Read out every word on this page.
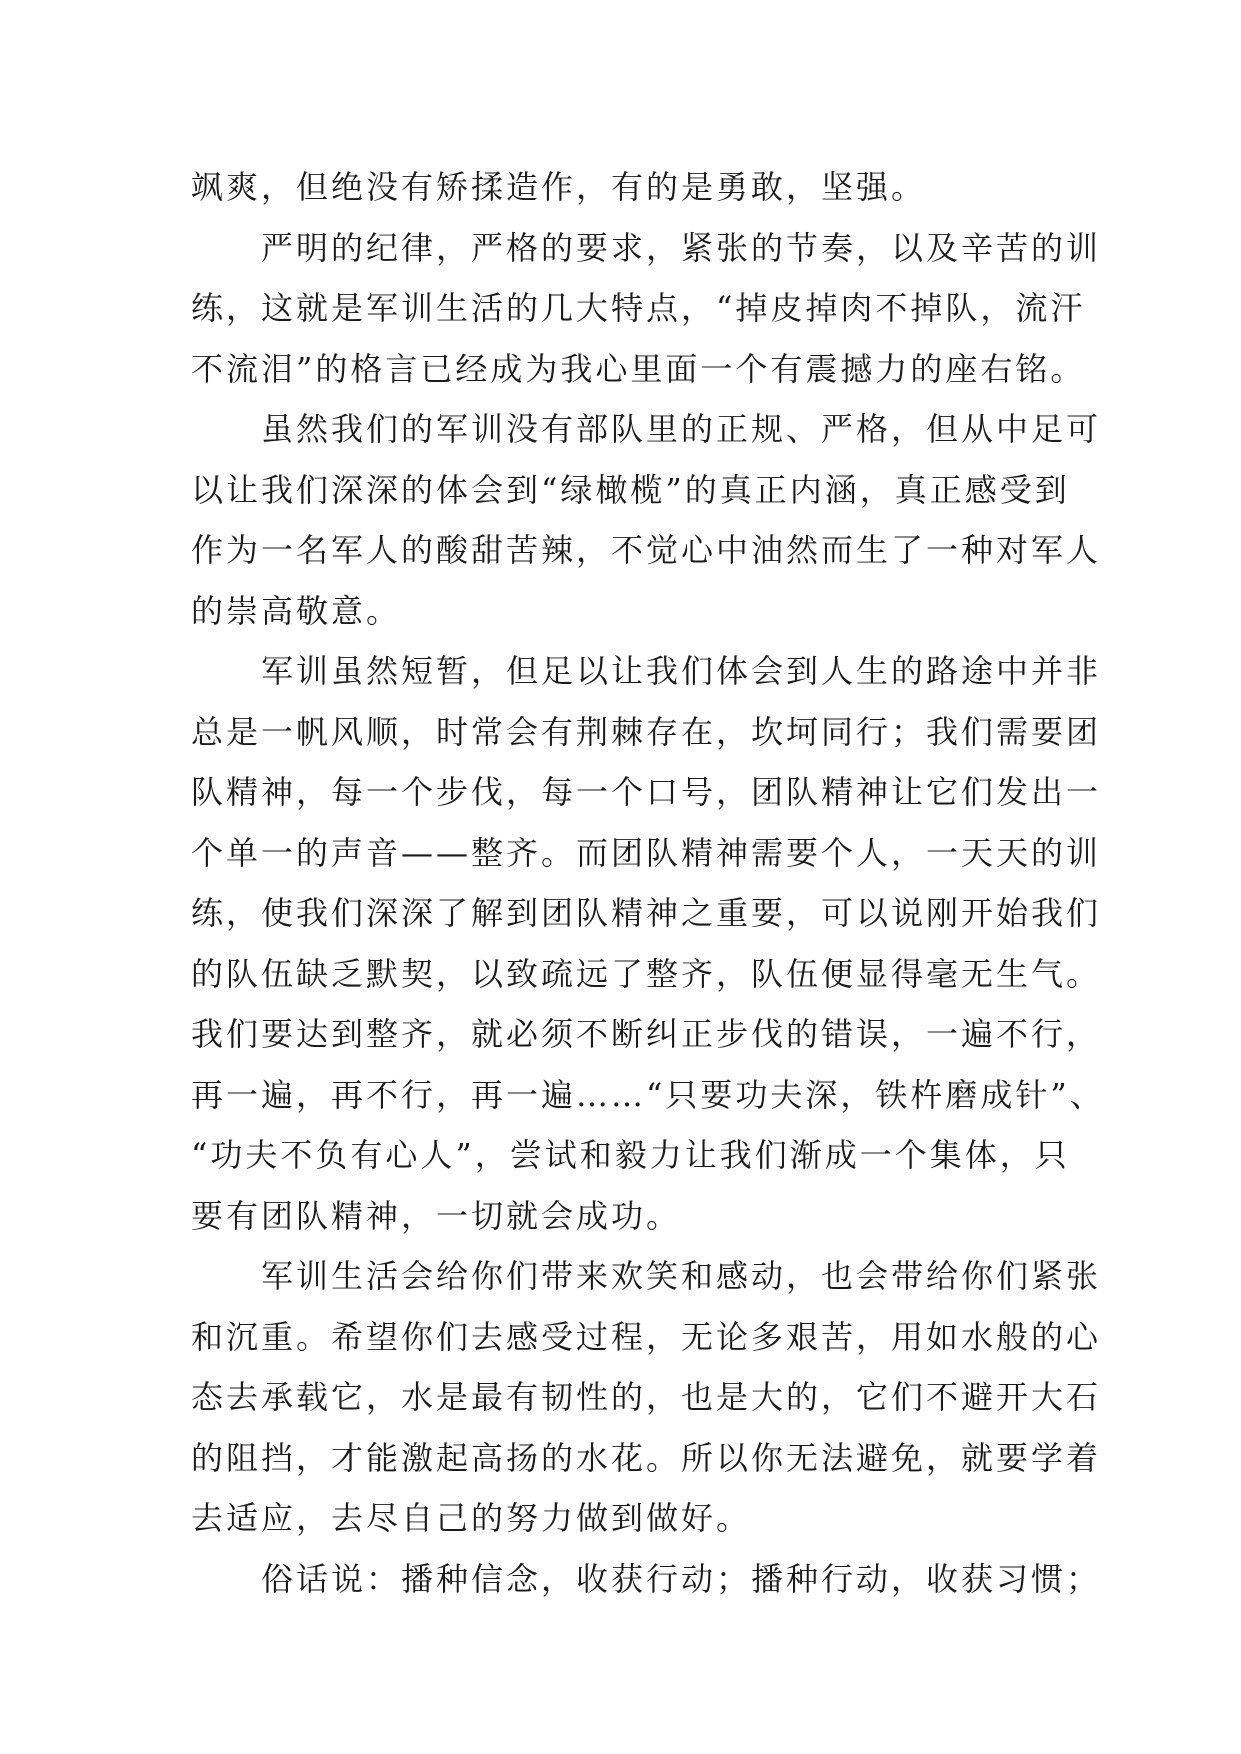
飒爽，但绝没有矫揉造作，有的是勇敢，坚强。
　　严明的纪律，严格的要求，紧张的节奏，以及辛苦的训
练，这就是军训生活的几大特点，“掉皮掉肉不掉队，流汗
不流泪”的格言已经成为我心里面一个有震撼力的座右铭。
　　虽然我们的军训没有部队里的正规、严格，但从中足可
以让我们深深的体会到“绿橄榄”的真正内涵，真正感受到
作为一名军人的酸甜苦辣，不觉心中油然而生了一种对军人
的崇高敬意。
　　军训虽然短暂，但足以让我们体会到人生的路途中并非
总是一帆风顺，时常会有荆棘存在，坎坷同行；我们需要团
队精神，每一个步伐，每一个口号，团队精神让它们发出一
个单一的声音——整齐。而团队精神需要个人，一天天的训
练，使我们深深了解到团队精神之重要，可以说刚开始我们
的队伍缺乏默契，以致疏远了整齐，队伍便显得毫无生气。
我们要达到整齐，就必须不断纠正步伐的错误，一遍不行，
再一遍，再不行，再一遍……“只要功夫深，铁杵磨成针”、
“功夫不负有心人”，尝试和毅力让我们渐成一个集体，只
要有团队精神，一切就会成功。
　　军训生活会给你们带来欢笑和感动，也会带给你们紧张
和沉重。希望你们去感受过程，无论多艰苦，用如水般的心
态去承载它，水是最有韧性的，也是大的，它们不避开大石
的阻挡，才能激起高扬的水花。所以你无法避免，就要学着
去适应，去尽自己的努力做到做好。
　　俗话说：播种信念，收获行动；播种行动，收获习惯；
